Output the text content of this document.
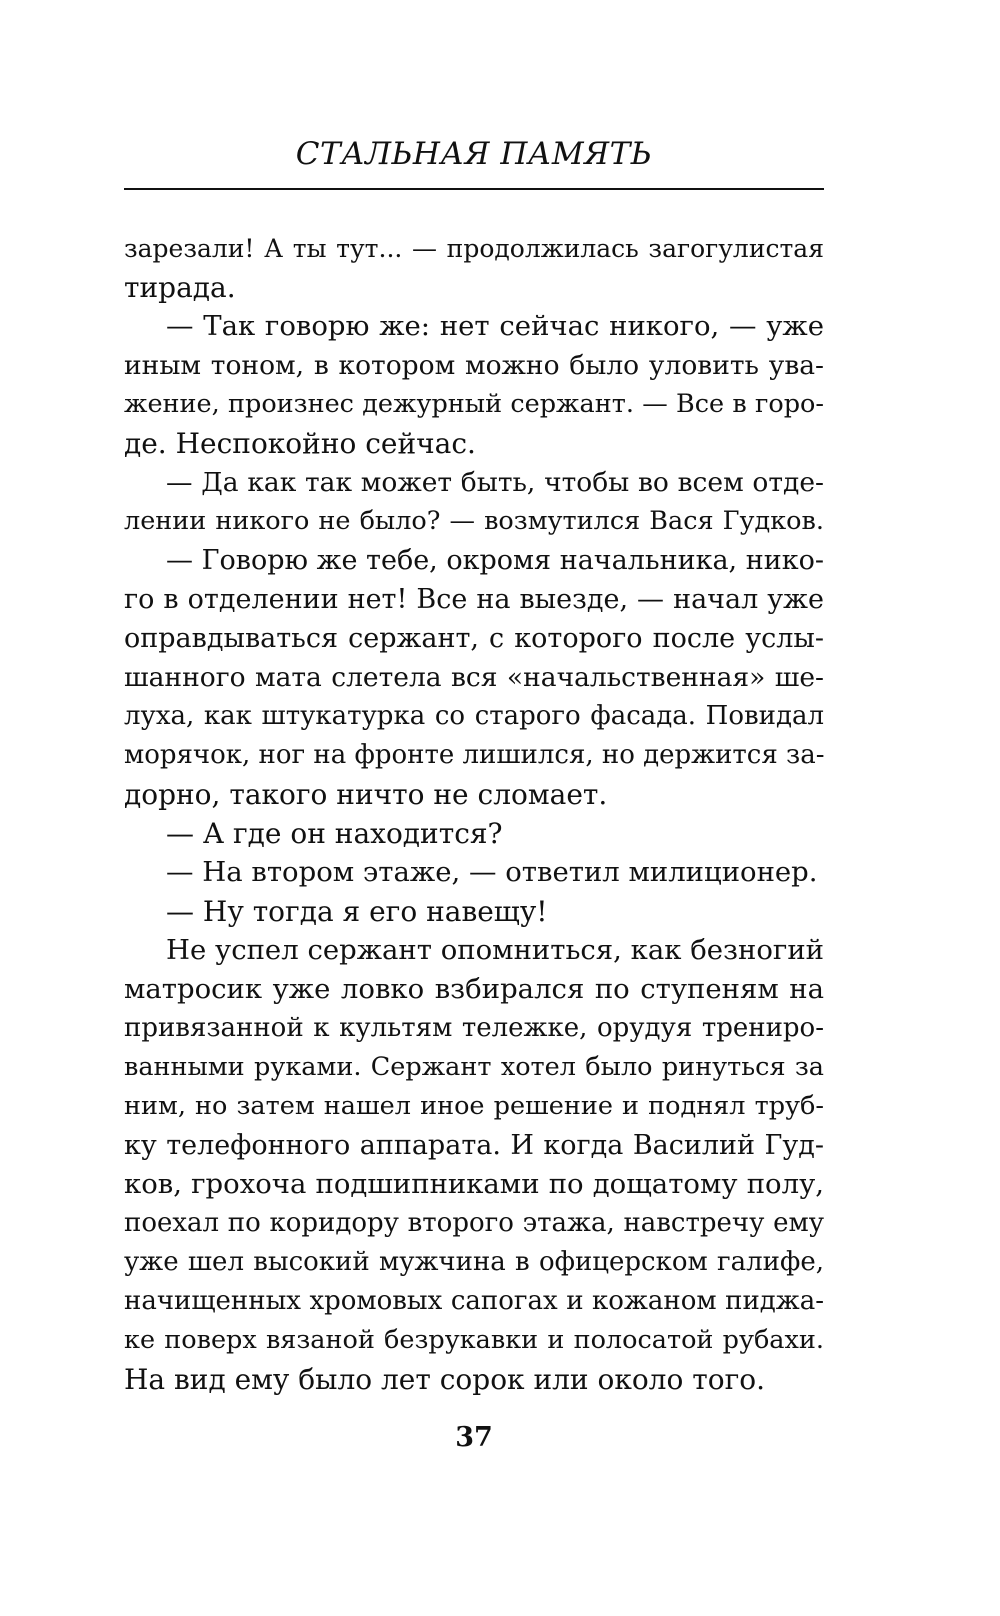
СТАЛЬНАЯ ПАМЯТЬ
зарезали! А ты тут... — продолжилась загогулистая
тирада.
— Так говорю же: нет сейчас никого, — уже
иным тоном, в котором можно было уловить ува-
жение, произнес дежурный сержант. — Все в горо-
де. Неспокойно сейчас.
— Да как так может быть, чтобы во всем отде-
лении никого не было? — возмутился Вася Гудков.
— Говорю же тебе, окромя начальника, нико-
го в отделении нет! Все на выезде, — начал уже
оправдываться сержант, с которого после услы-
шанного мата слетела вся «начальственная» ше-
луха, как штукатурка со старого фасада. Повидал
морячок, ног на фронте лишился, но держится за-
дорно, такого ничто не сломает.
— А где он находится?
— На втором этаже, — ответил милиционер.
— Ну тогда я его навещу!
Не успел сержант опомниться, как безногий
матросик уже ловко взбирался по ступеням на
привязанной к культям тележке, орудуя трениро-
ванными руками. Сержант хотел было ринуться за
ним, но затем нашел иное решение и поднял труб-
ку телефонного аппарата. И когда Василий Гуд-
ков, грохоча подшипниками по дощатому полу,
поехал по коридору второго этажа, навстречу ему
уже шел высокий мужчина в офицерском галифе,
начищенных хромовых сапогах и кожаном пиджа-
ке поверх вязаной безрукавки и полосатой рубахи.
На вид ему было лет сорок или около того.
37
